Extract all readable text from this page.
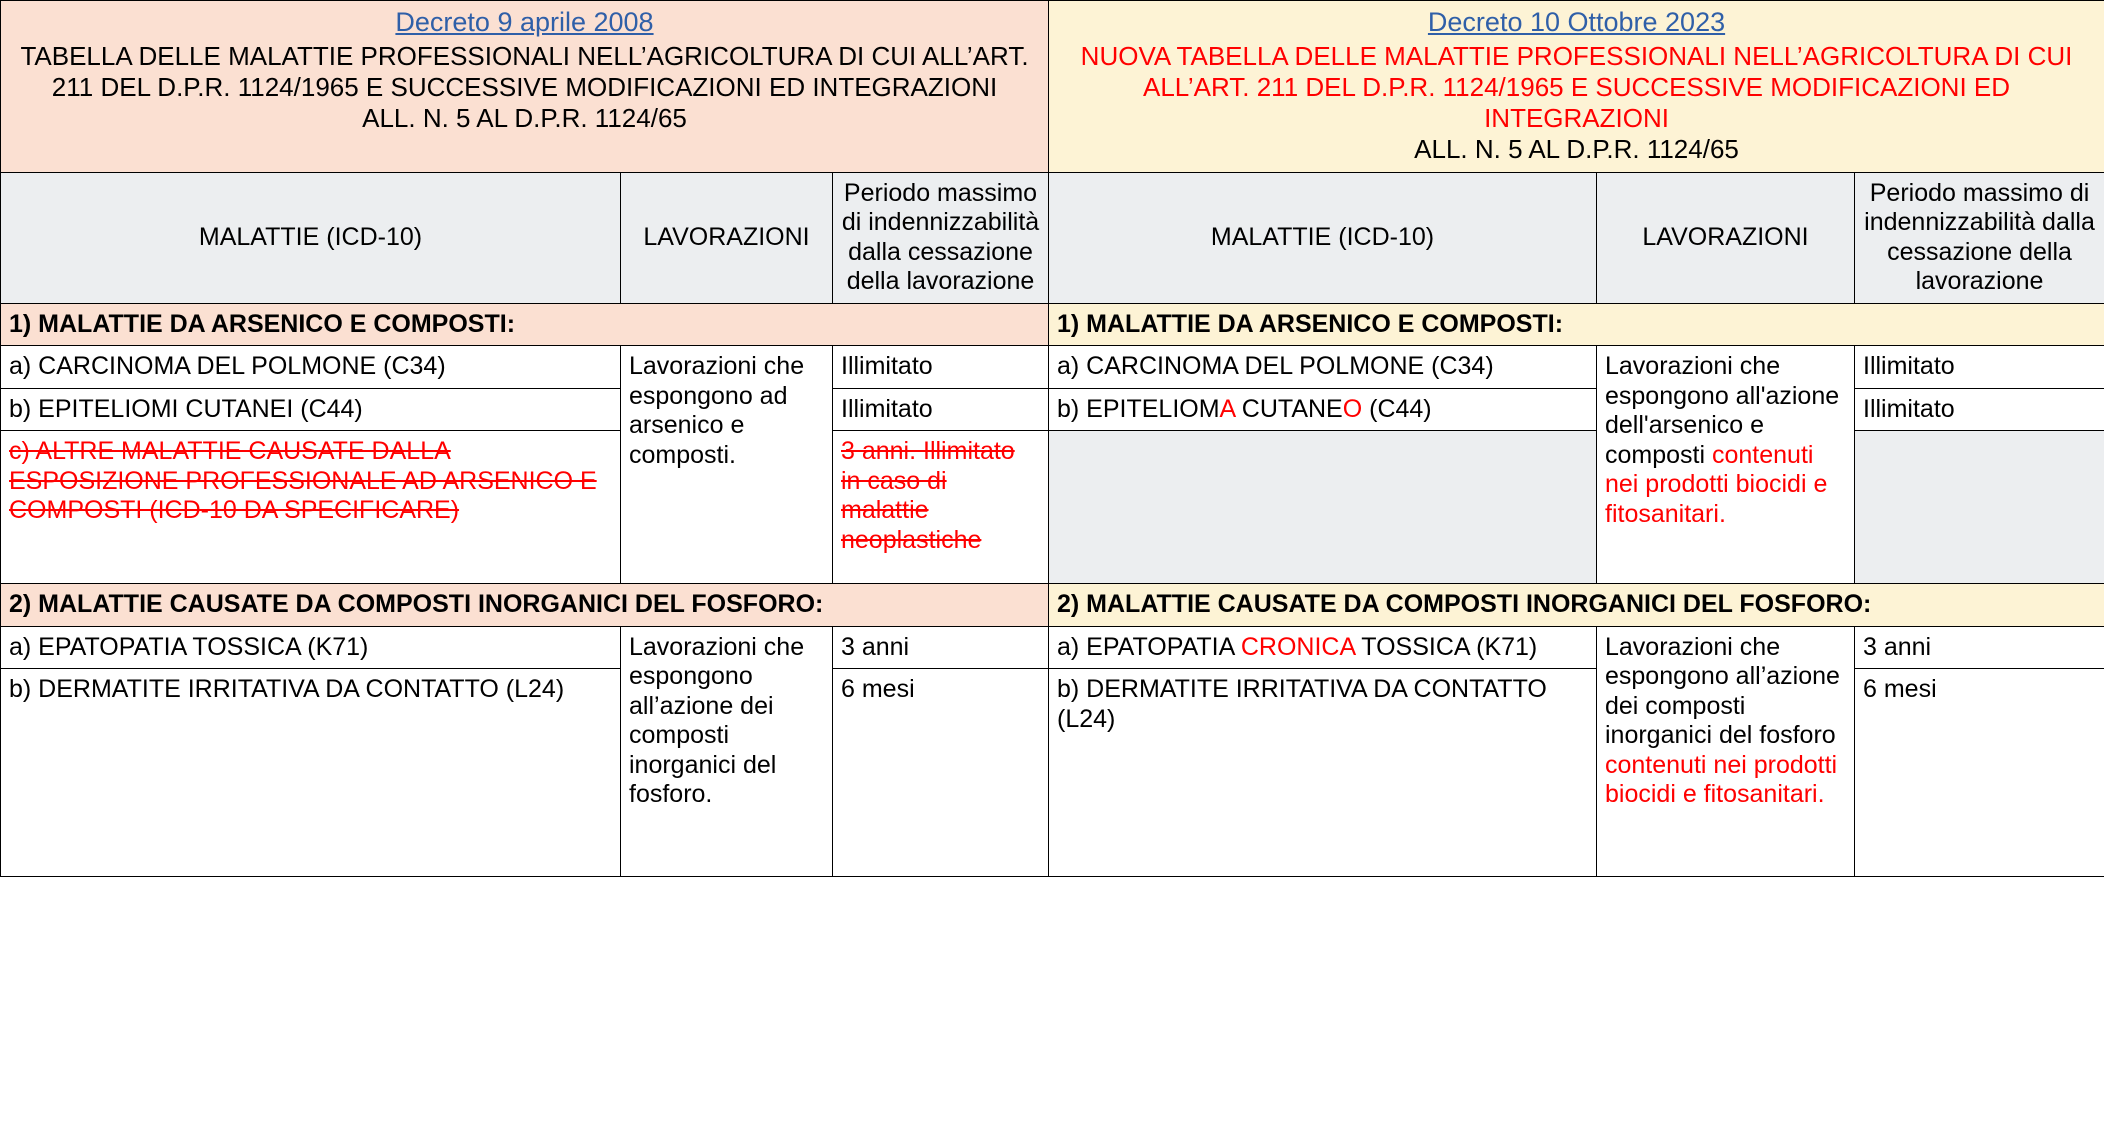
Decreto 9 aprile 2008
TABELLA DELLE MALATTIE PROFESSIONALI NELL’AGRICOLTURA DI CUI ALL’ART. 211 DEL D.P.R. 1124/1965 E SUCCESSIVE MODIFICAZIONI ED INTEGRAZIONI
ALL. N. 5 AL D.P.R. 1124/65			Decreto 10 Ottobre 2023
NUOVA TABELLA DELLE MALATTIE PROFESSIONALI NELL’AGRICOLTURA DI CUI ALL’ART. 211 DEL D.P.R. 1124/1965 E SUCCESSIVE MODIFICAZIONI ED INTEGRAZIONI
ALL. N. 5 AL D.P.R. 1124/65		

MALATTIE (ICD-10)	LAVORAZIONI	Periodo massimo di indennizzabilità dalla cessazione della lavorazione	MALATTIE (ICD-10)	LAVORAZIONI	Periodo massimo di indennizzabilità dalla cessazione della lavorazione
1) MALATTIE DA ARSENICO E COMPOSTI:			1) MALATTIE DA ARSENICO E COMPOSTI:		
a) CARCINOMA DEL POLMONE (C34)	Lavorazioni che espongono ad arsenico e composti.	Illimitato	a) CARCINOMA DEL POLMONE (C34)	Lavorazioni che espongono all'azione dell'arsenico e composti contenuti nei prodotti biocidi e fitosanitari.	Illimitato
b) EPITELIOMI CUTANEI (C44)		Illimitato	b) EPITELIOMA CUTANEO (C44)		Illimitato
c) ALTRE MALATTIE CAUSATE DALLA ESPOSIZIONE PROFESSIONALE AD ARSENICO E COMPOSTI (ICD-10 DA SPECIFICARE)		3 anni. Illimitato in caso di malattie neoplastiche			
2) MALATTIE CAUSATE DA COMPOSTI INORGANICI DEL FOSFORO:			2) MALATTIE CAUSATE DA COMPOSTI INORGANICI DEL FOSFORO:		
a) EPATOPATIA TOSSICA (K71)	Lavorazioni che espongono all’azione dei composti inorganici del fosforo.	3 anni	a) EPATOPATIA CRONICA TOSSICA (K71)	Lavorazioni che espongono all’azione dei composti inorganici del fosforo contenuti nei prodotti biocidi e fitosanitari.	3 anni
b) DERMATITE IRRITATIVA DA CONTATTO (L24)		6 mesi	b) DERMATITE IRRITATIVA DA CONTATTO (L24)		6 mesi
